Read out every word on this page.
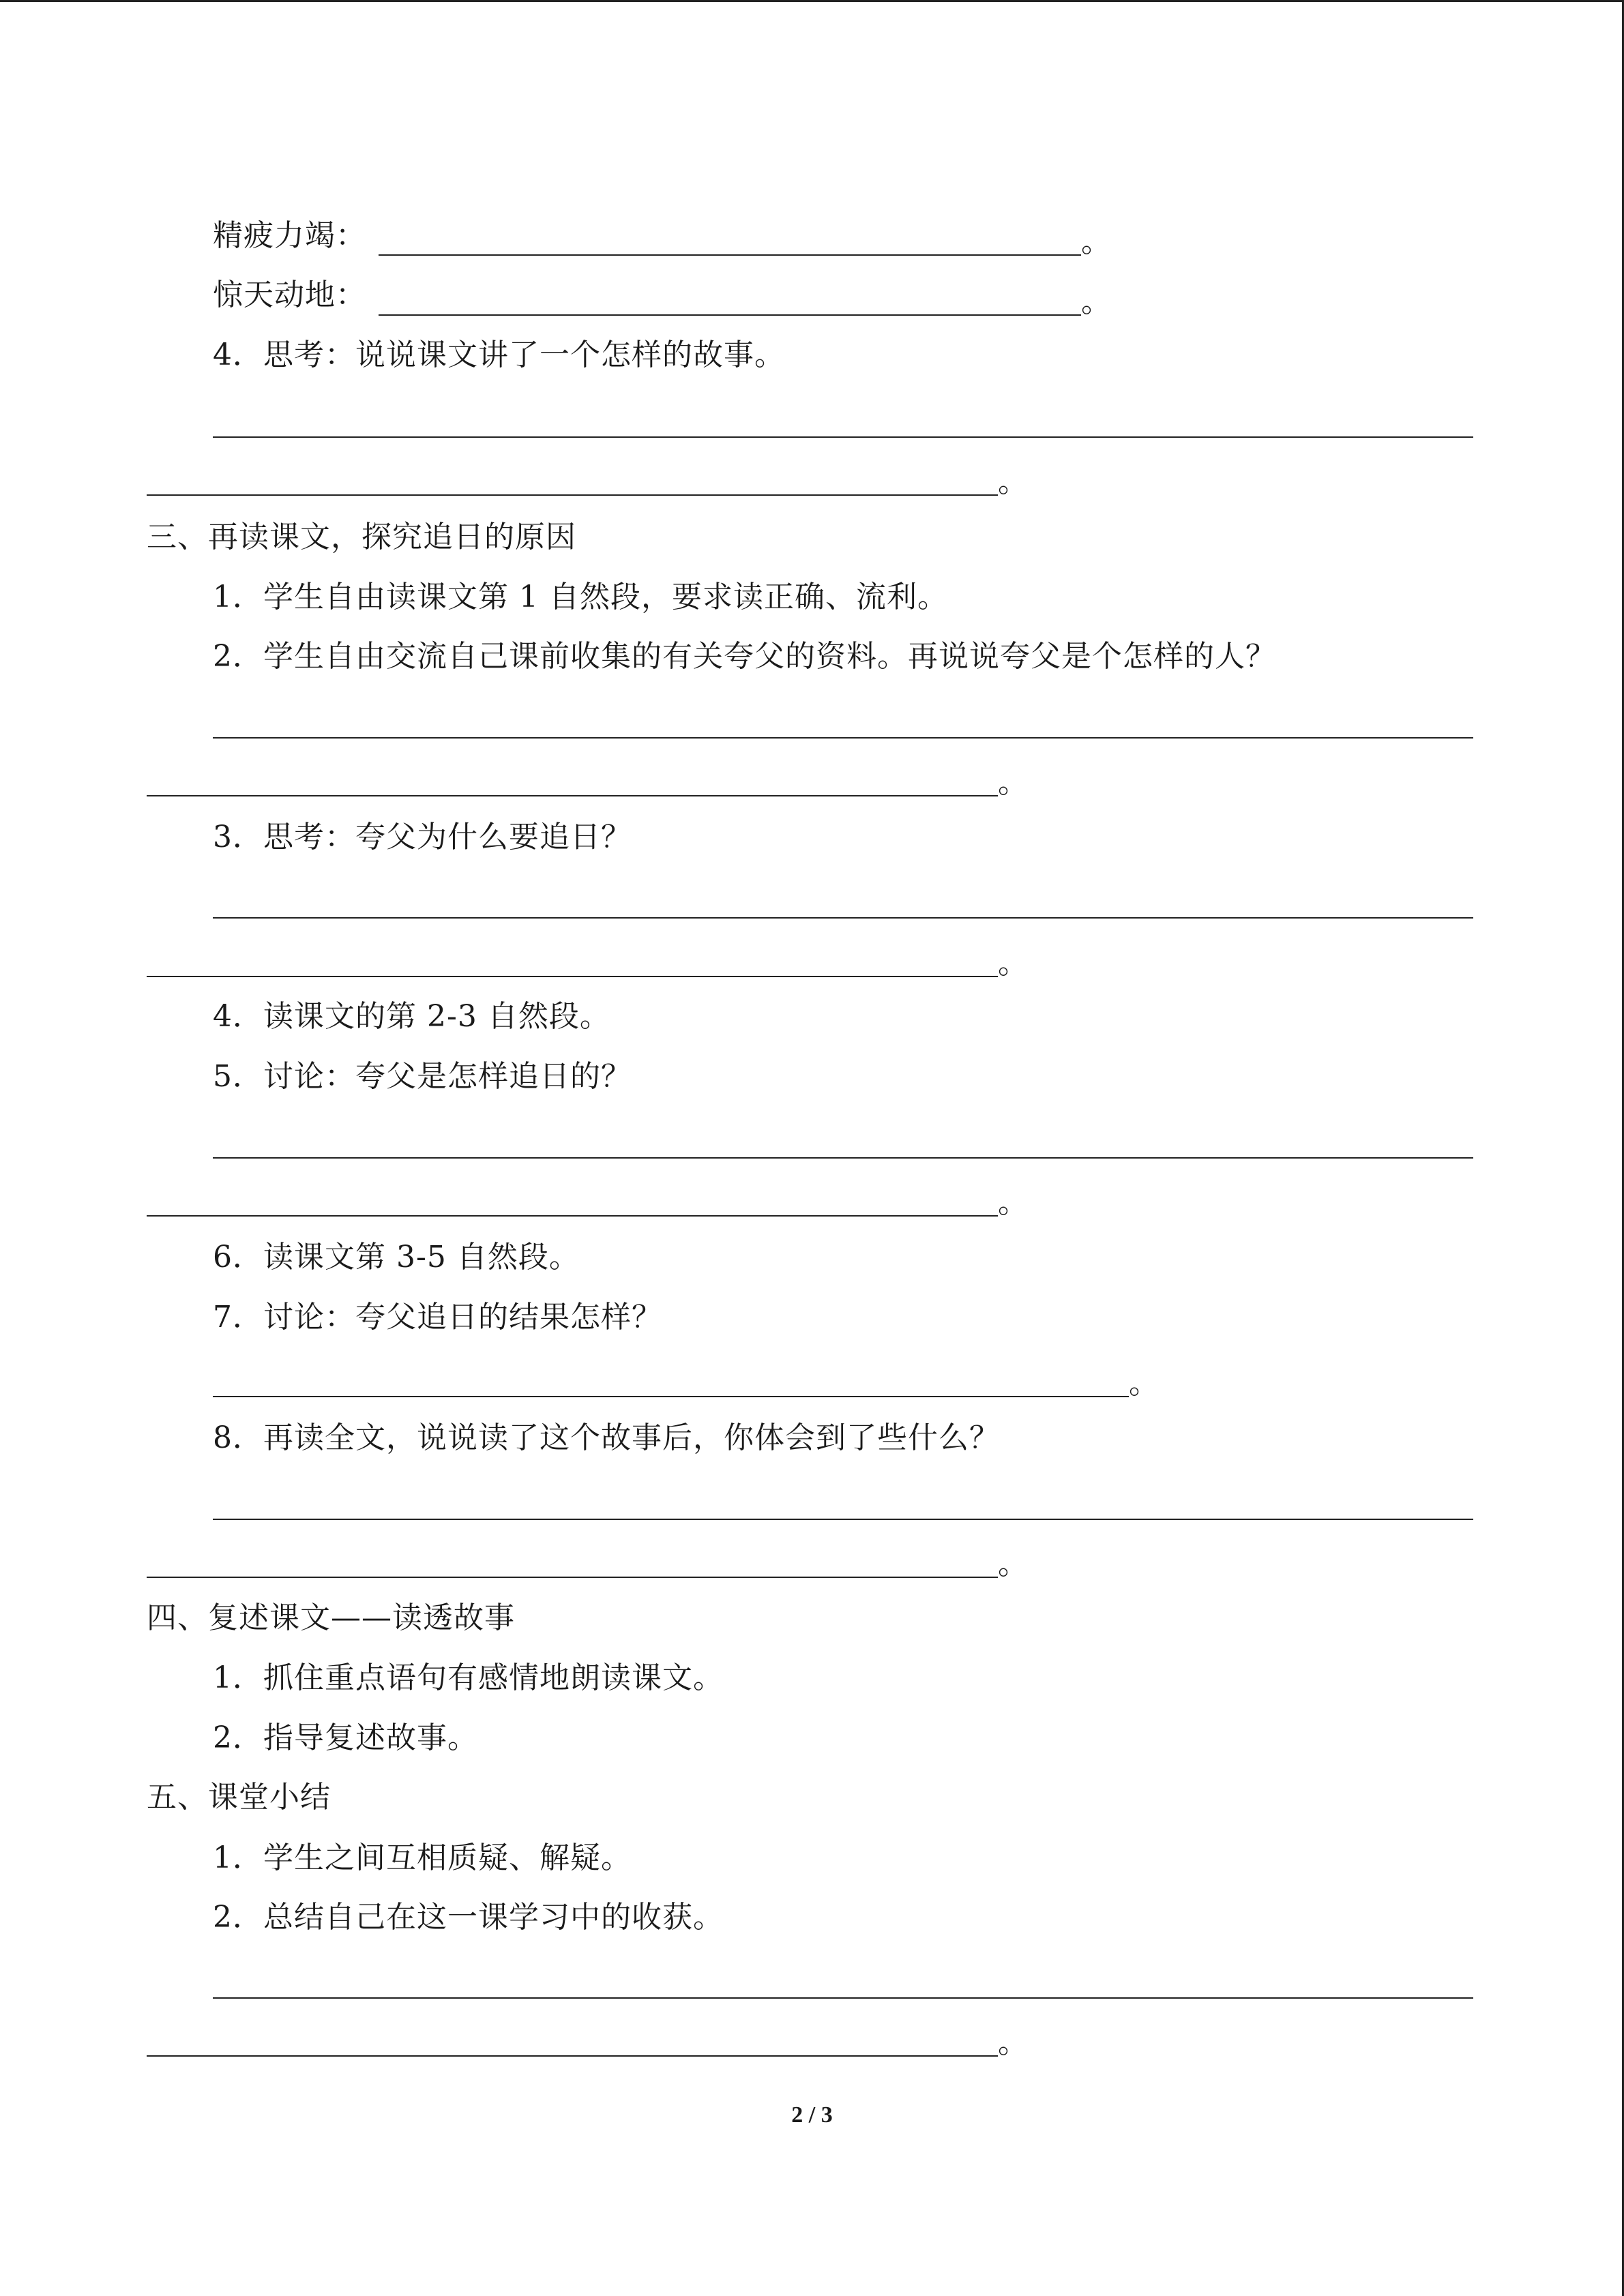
精疲力竭：	。
惊天动地：	。
4．思考：说说课文讲了一个怎样的故事。
。
三、再读课文，探究追日的原因
1．学生自由读课文第 1 自然段，要求读正确、流利。
2．学生自由交流自己课前收集的有关夸父的资料。再说说夸父是个怎样的人？
。
3．思考：夸父为什么要追日？
。
4．读课文的第 2-3 自然段。
5．讨论：夸父是怎样追日的？
。
6．读课文第 3-5 自然段。
7．讨论：夸父追日的结果怎样？
。
8．再读全文，说说读了这个故事后，你体会到了些什么？
。
四、复述课文——读透故事
1．抓住重点语句有感情地朗读课文。
2．指导复述故事。
五、课堂小结
1．学生之间互相质疑、解疑。
2．总结自己在这一课学习中的收获。
。
2 / 3
